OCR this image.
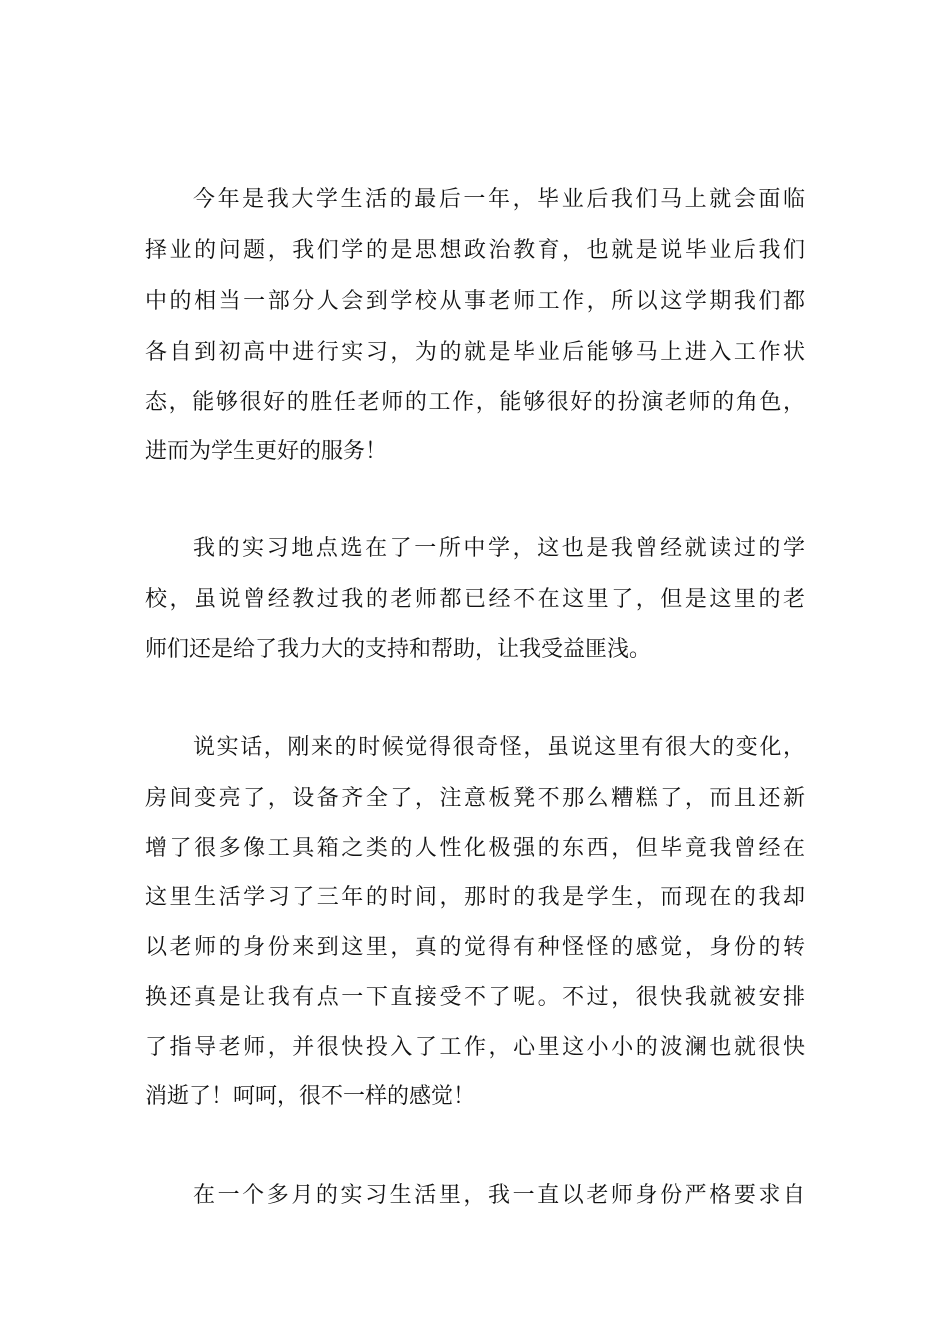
今年是我大学生活的最后一年，毕业后我们马上就会面临
择业的问题，我们学的是思想政治教育，也就是说毕业后我们
中的相当一部分人会到学校从事老师工作，所以这学期我们都
各自到初高中进行实习，为的就是毕业后能够马上进入工作状
态，能够很好的胜任老师的工作，能够很好的扮演老师的角色，
进而为学生更好的服务！
我的实习地点选在了一所中学，这也是我曾经就读过的学
校，虽说曾经教过我的老师都已经不在这里了，但是这里的老
师们还是给了我力大的支持和帮助，让我受益匪浅。
说实话，刚来的时候觉得很奇怪，虽说这里有很大的变化，
房间变亮了，设备齐全了，注意板凳不那么糟糕了，而且还新
增了很多像工具箱之类的人性化极强的东西，但毕竟我曾经在
这里生活学习了三年的时间，那时的我是学生，而现在的我却
以老师的身份来到这里，真的觉得有种怪怪的感觉，身份的转
换还真是让我有点一下直接受不了呢。不过，很快我就被安排
了指导老师，并很快投入了工作，心里这小小的波澜也就很快
消逝了！呵呵，很不一样的感觉！
在一个多月的实习生活里，我一直以老师身份严格要求自
